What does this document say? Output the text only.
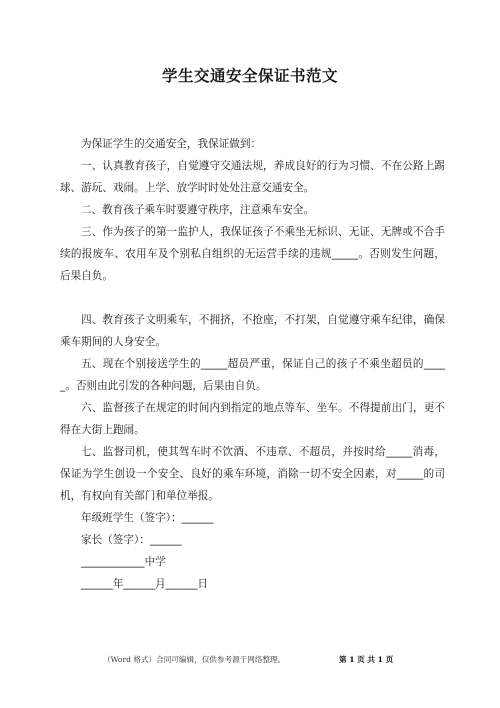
学生交通安全保证书范文

为保证学生的交通安全，我保证做到：

一、认真教育孩子，自觉遵守交通法规，养成良好的行为习惯、不在公路上踢球、游玩、戏闹。上学、放学时时处处注意交通安全。

二、教育孩子乘车时要遵守秩序，注意乘车安全。

三、作为孩子的第一监护人，我保证孩子不乘坐无标识、无证、无牌或不合手续的报废车、农用车及个别私自组织的无运营手续的违规_____。否则发生问题，后果自负。

四、教育孩子文明乘车，不拥挤，不抢座，不打架，自觉遵守乘车纪律，确保乘车期间的人身安全。

五、现在个别接送学生的_____超员严重，保证自己的孩子不乘坐超员的_____。否则由此引发的各种问题，后果由自负。

六、监督孩子在规定的时间内到指定的地点等车、坐车。不得提前出门，更不得在大街上跑闹。

七、监督司机，使其驾车时不饮酒、不违章、不超员，并按时给_____消毒，保证为学生创设一个安全、良好的乘车环境，消除一切不安全因素，对_____的司机，有权向有关部门和单位举报。

年级班学生（签字）：______

家长（签字）：______

____________中学

______年______月______日

（Word 格式）合同可编辑，仅供参考源于网络整理。	第 1 页 共 1 页
